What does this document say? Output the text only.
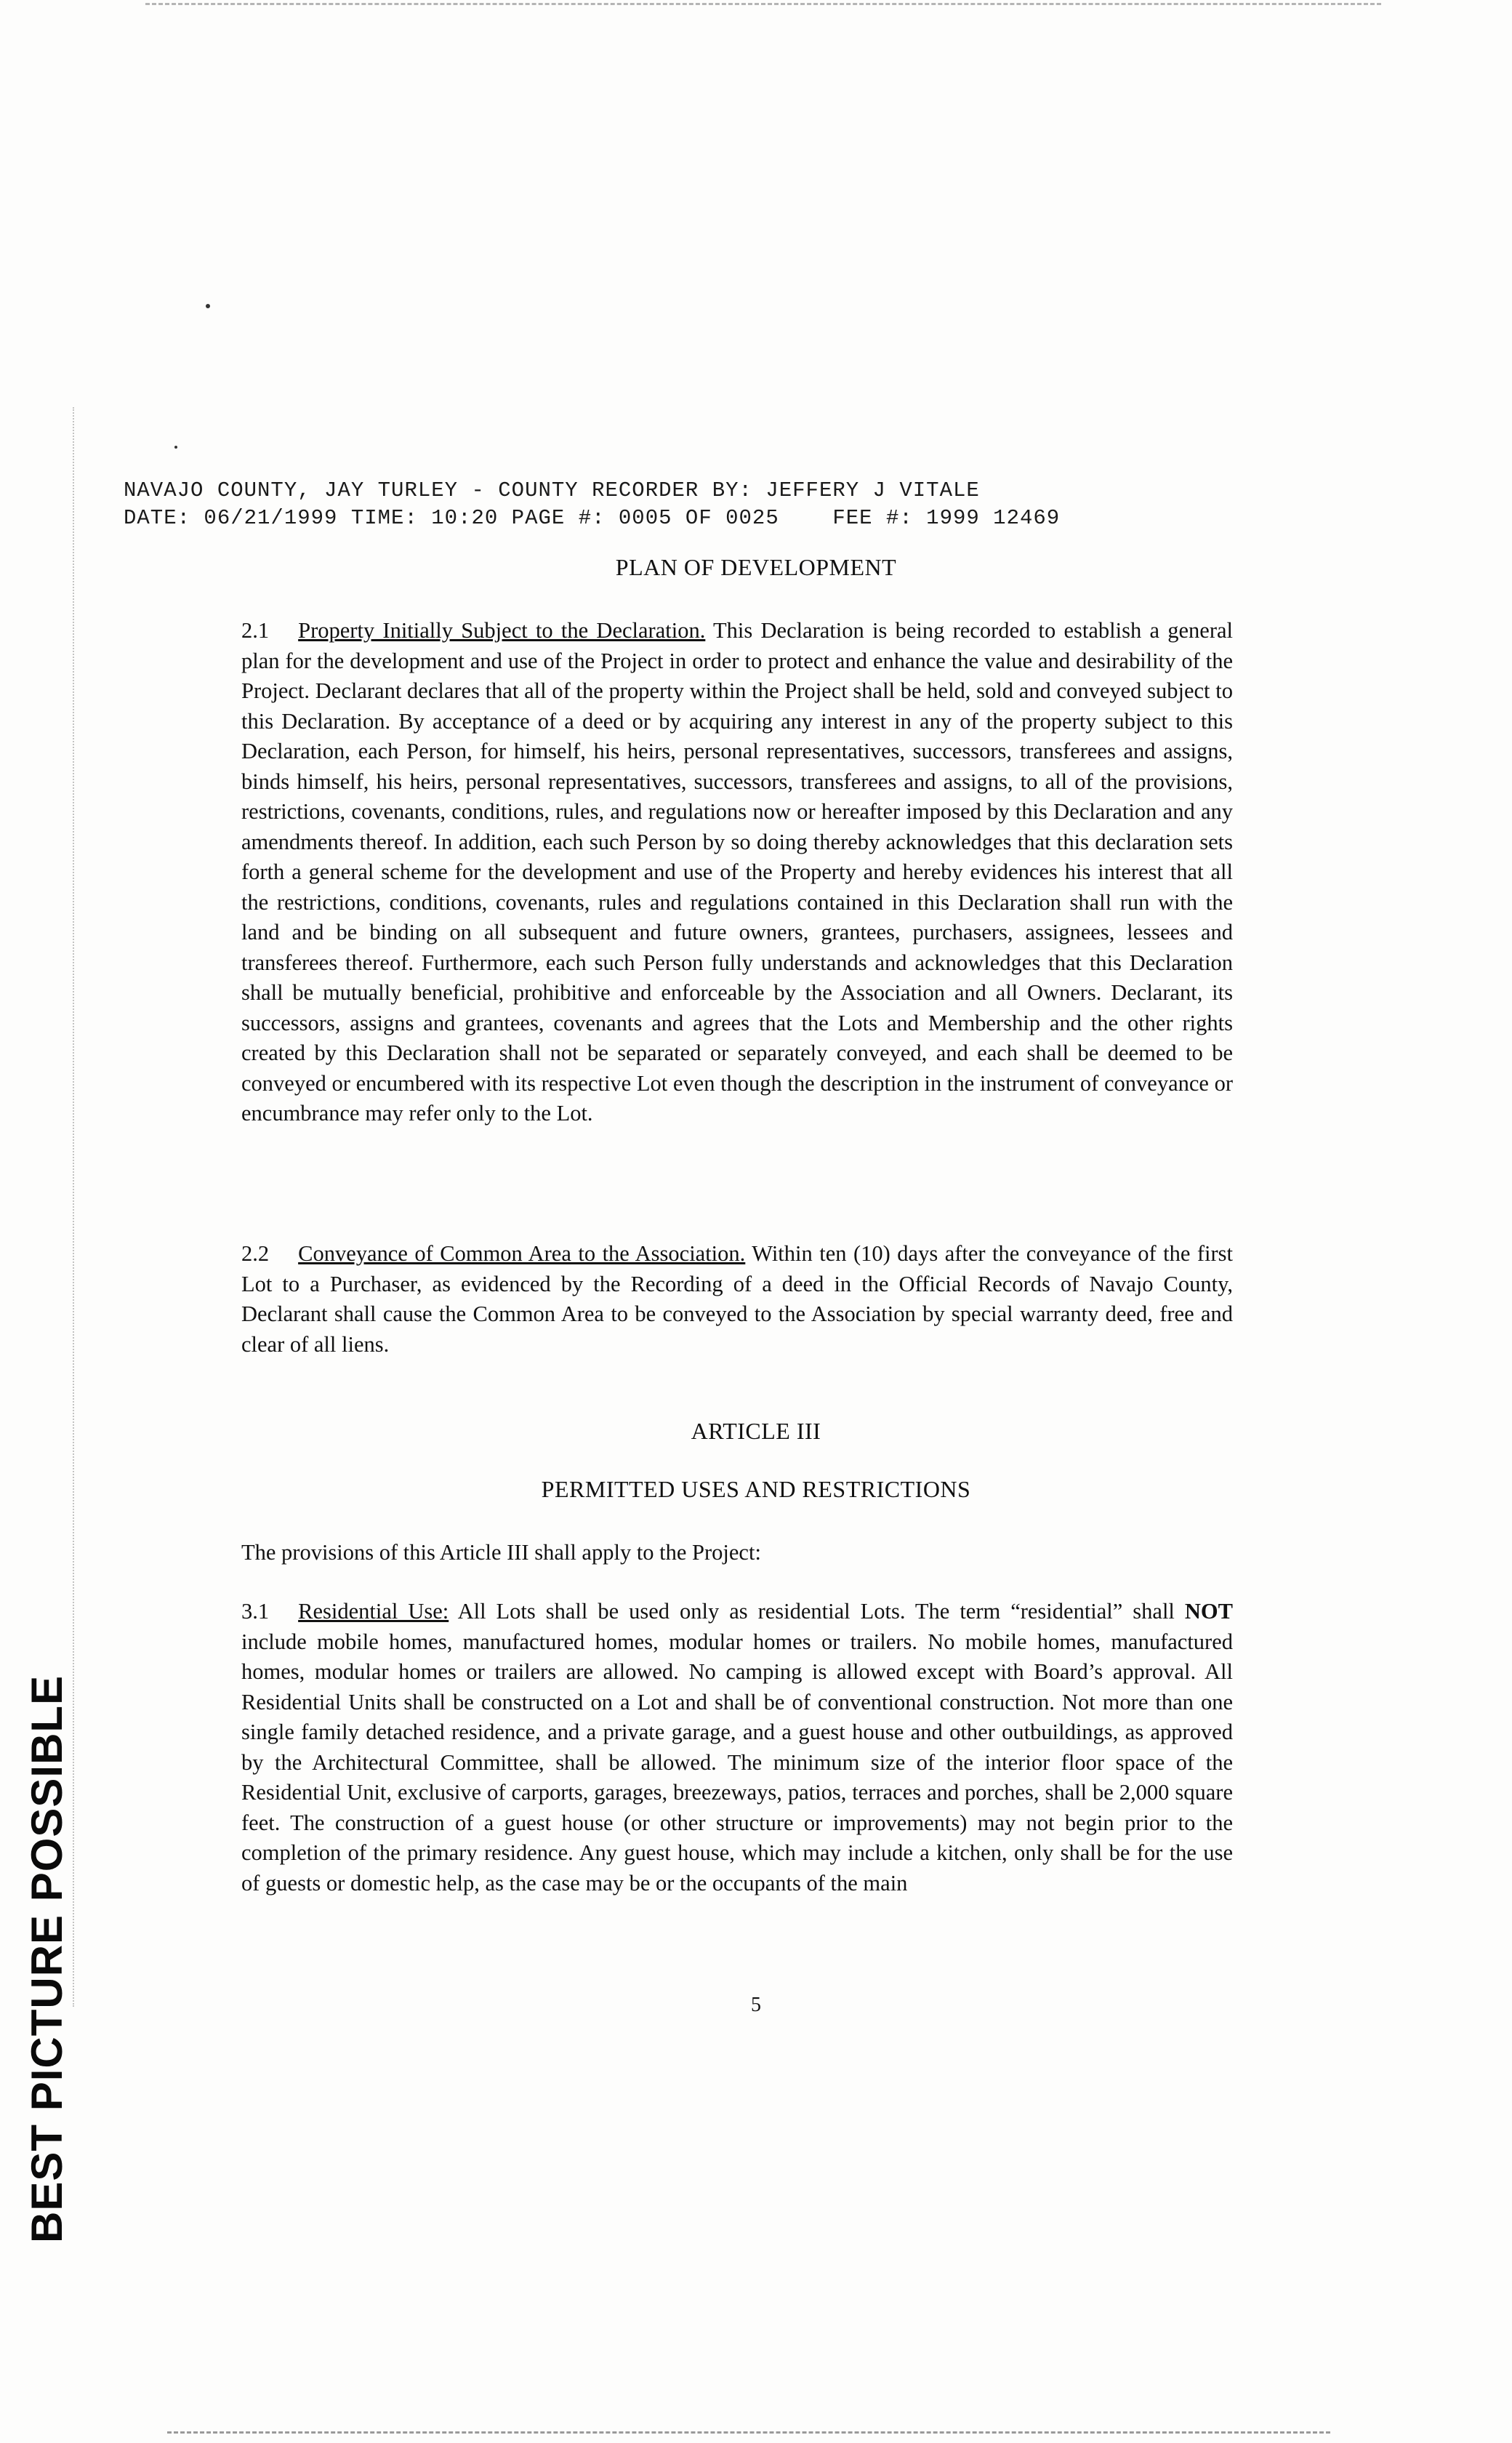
NAVAJO COUNTY, JAY TURLEY - COUNTY RECORDER BY: JEFFERY J VITALE
DATE: 06/21/1999 TIME: 10:20 PAGE #: 0005 OF 0025    FEE #: 1999 12469
PLAN OF DEVELOPMENT
2.1 Property Initially Subject to the Declaration. This Declaration is being recorded to establish a general plan for the development and use of the Project in order to protect and enhance the value and desirability of the Project. Declarant declares that all of the property within the Project shall be held, sold and conveyed subject to this Declaration. By acceptance of a deed or by acquiring any interest in any of the property subject to this Declaration, each Person, for himself, his heirs, personal representatives, successors, transferees and assigns, binds himself, his heirs, personal representatives, successors, transferees and assigns, to all of the provisions, restrictions, covenants, conditions, rules, and regulations now or hereafter imposed by this Declaration and any amendments thereof. In addition, each such Person by so doing thereby acknowledges that this declaration sets forth a general scheme for the development and use of the Property and hereby evidences his interest that all the restrictions, conditions, covenants, rules and regulations contained in this Declaration shall run with the land and be binding on all subsequent and future owners, grantees, purchasers, assignees, lessees and transferees thereof. Furthermore, each such Person fully understands and acknowledges that this Declaration shall be mutually beneficial, prohibitive and enforceable by the Association and all Owners. Declarant, its successors, assigns and grantees, covenants and agrees that the Lots and Membership and the other rights created by this Declaration shall not be separated or separately conveyed, and each shall be deemed to be conveyed or encumbered with its respective Lot even though the description in the instrument of conveyance or encumbrance may refer only to the Lot.
2.2 Conveyance of Common Area to the Association. Within ten (10) days after the conveyance of the first Lot to a Purchaser, as evidenced by the Recording of a deed in the Official Records of Navajo County, Declarant shall cause the Common Area to be conveyed to the Association by special warranty deed, free and clear of all liens.
ARTICLE III
PERMITTED USES AND RESTRICTIONS
The provisions of this Article III shall apply to the Project:
3.1 Residential Use: All Lots shall be used only as residential Lots. The term “residential” shall NOT include mobile homes, manufactured homes, modular homes or trailers. No mobile homes, manufactured homes, modular homes or trailers are allowed. No camping is allowed except with Board’s approval. All Residential Units shall be constructed on a Lot and shall be of conventional construction. Not more than one single family detached residence, and a private garage, and a guest house and other outbuildings, as approved by the Architectural Committee, shall be allowed. The minimum size of the interior floor space of the Residential Unit, exclusive of carports, garages, breezeways, patios, terraces and porches, shall be 2,000 square feet. The construction of a guest house (or other structure or improvements) may not begin prior to the completion of the primary residence. Any guest house, which may include a kitchen, only shall be for the use of guests or domestic help, as the case may be or the occupants of the main
5
BEST PICTURE POSSIBLE
